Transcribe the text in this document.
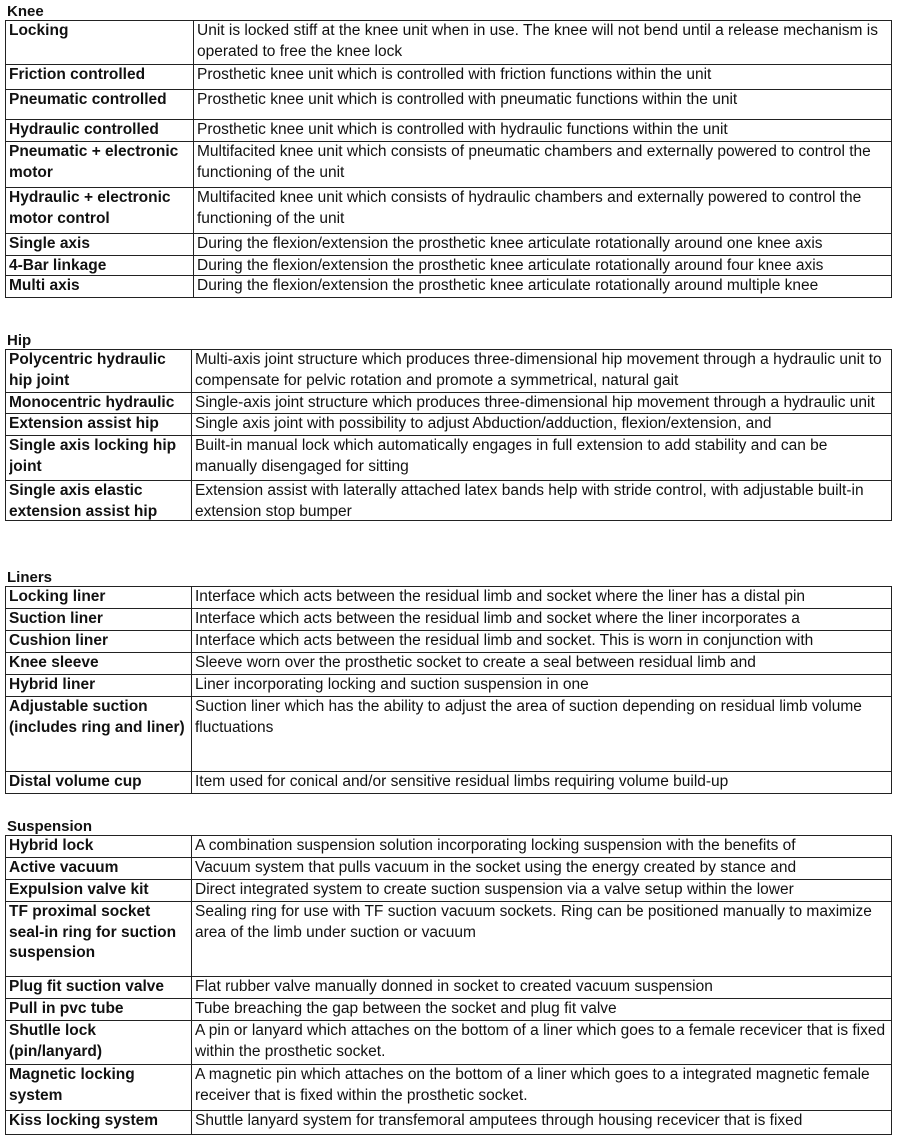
Knee
Locking	Unit is locked stiff at the knee unit when in use. The knee will not bend until a release mechanism is operated to free the knee lock

Friction controlled	Prosthetic knee unit which is controlled with friction functions within the unit

Pneumatic controlled	Prosthetic knee unit which is controlled with pneumatic functions within the unit

Hydraulic controlled	Prosthetic knee unit which is controlled with hydraulic functions within the unit

Pneumatic + electronic motor	Multifacited knee unit which consists of pneumatic chambers and externally powered to control the functioning of the unit

Hydraulic + electronic motor control	Multifacited knee unit which consists of hydraulic chambers and externally powered to control the functioning of the unit

Single axis	During the flexion/extension the prosthetic knee articulate rotationally around one knee axis

4-Bar linkage	During the flexion/extension the prosthetic knee articulate rotationally around four knee axis

Multi axis	During the flexion/extension the prosthetic knee articulate rotationally around multiple knee
Hip
Polycentric hydraulic hip joint	Multi-axis joint structure which produces three-dimensional hip movement through a hydraulic unit to compensate for pelvic rotation and promote a symmetrical, natural gait

Monocentric hydraulic	Single-axis joint structure which produces three-dimensional hip movement through a hydraulic unit

Extension assist hip	Single axis joint with possibility to adjust Abduction/adduction, flexion/extension, and

Single axis locking hip joint	Built-in manual lock which automatically engages in full extension to add stability and can be manually disengaged for sitting

Single axis elastic extension assist hip	Extension assist with laterally attached latex bands help with stride control, with adjustable built-in extension stop bumper
Liners
Locking liner	Interface which acts between the residual limb and socket where the liner has a distal pin

Suction liner	Interface which acts between the residual limb and socket where the liner incorporates a

Cushion liner	Interface which acts between the residual limb and socket. This is worn in conjunction with

Knee sleeve	Sleeve worn over the prosthetic socket to create a seal between residual limb and

Hybrid liner	Liner incorporating locking and suction suspension in one

Adjustable suction (includes ring and liner)	Suction liner which has the ability to adjust the area of suction depending on residual limb volume fluctuations

Distal volume cup	Item used for conical and/or sensitive residual limbs requiring volume build-up
Suspension
Hybrid lock	A combination suspension solution incorporating locking suspension with the benefits of

Active vacuum	Vacuum system that pulls vacuum in the socket using the energy created by stance and

Expulsion valve kit	Direct integrated system to create suction suspension via a valve setup within the lower

TF proximal socket seal-in ring for suction suspension	Sealing ring for use with TF suction vacuum sockets. Ring can be positioned manually to maximize area of the limb under suction or vacuum

Plug fit suction valve	Flat rubber valve manually donned in socket to created vacuum suspension

Pull in pvc tube	Tube breaching the gap between the socket and plug fit valve

Shutlle lock (pin/lanyard)	A pin or lanyard which attaches on the bottom of a liner which goes to a female recevicer that is fixed within the prosthetic socket.

Magnetic locking system	A magnetic pin which attaches on the bottom of a liner which goes to a integrated magnetic female receiver that is fixed within the prosthetic socket.

Kiss locking system	Shuttle lanyard system for transfemoral amputees through housing recevicer that is fixed
